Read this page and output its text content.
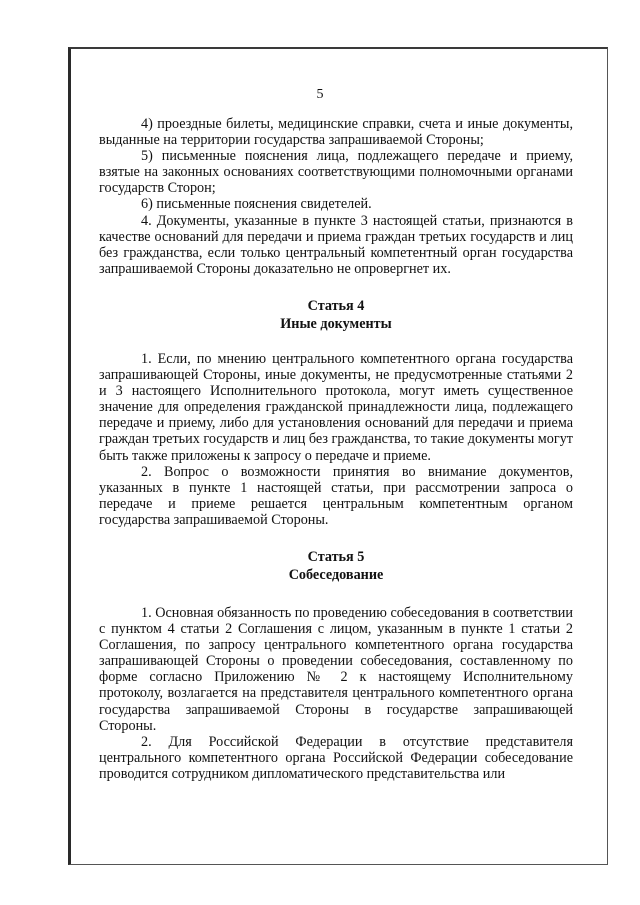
5

4) проездные билеты, медицинские справки, счета и иные документы, выданные на территории государства запрашиваемой Стороны;

5) письменные пояснения лица, подлежащего передаче и приему, взятые на законных основаниях соответствующими полномочными органами государств Сторон;

6) письменные пояснения свидетелей.

4. Документы, указанные в пункте 3 настоящей статьи, признаются в качестве оснований для передачи и приема граждан третьих государств и лиц без гражданства, если только центральный компетентный орган государства запрашиваемой Стороны доказательно не опровергнет их.

Статья 4
Иные документы

1. Если, по мнению центрального компетентного органа государства запрашивающей Стороны, иные документы, не предусмотренные статьями 2 и 3 настоящего Исполнительного протокола, могут иметь существенное значение для определения гражданской принадлежности лица, подлежащего передаче и приему, либо для установления оснований для передачи и приема граждан третьих государств и лиц без гражданства, то такие документы могут быть также приложены к запросу о передаче и приеме.

2. Вопрос о возможности принятия во внимание документов, указанных в пункте 1 настоящей статьи, при рассмотрении запроса о передаче и приеме решается центральным компетентным органом государства запрашиваемой Стороны.

Статья 5
Собеседование

1. Основная обязанность по проведению собеседования в соответствии с пунктом 4 статьи 2 Соглашения с лицом, указанным в пункте 1 статьи 2 Соглашения, по запросу центрального компетентного органа государства запрашивающей Стороны о проведении собеседования, составленному по форме согласно Приложению № 2 к настоящему Исполнительному протоколу, возлагается на представителя центрального компетентного органа государства запрашиваемой Стороны в государстве запрашивающей Стороны.

2. Для Российской Федерации в отсутствие представителя центрального компетентного органа Российской Федерации собеседование проводится сотрудником дипломатического представительства или
